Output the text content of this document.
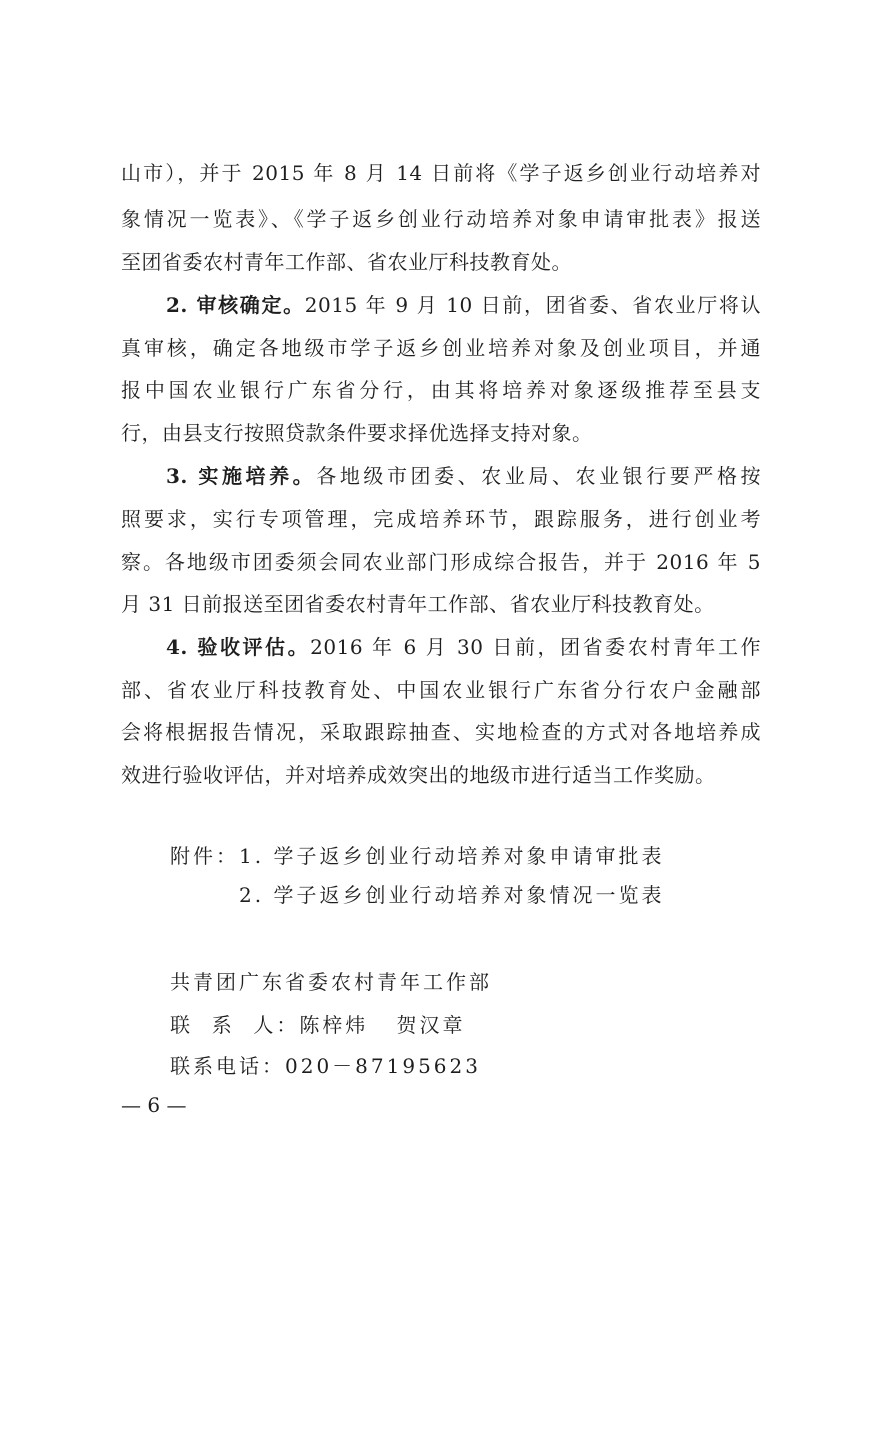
山市），并于 2015 年 8 月 14 日前将《学子返乡创业行动培养对
象情况一览表》、《学子返乡创业行动培养对象申请审批表》报送
至团省委农村青年工作部、省农业厅科技教育处。
2. 审核确定。2015 年 9 月 10 日前，团省委、省农业厅将认
真审核，确定各地级市学子返乡创业培养对象及创业项目，并通
报中国农业银行广东省分行，由其将培养对象逐级推荐至县支
行，由县支行按照贷款条件要求择优选择支持对象。
3. 实施培养。各地级市团委、农业局、农业银行要严格按
照要求，实行专项管理，完成培养环节，跟踪服务，进行创业考
察。各地级市团委须会同农业部门形成综合报告，并于 2016 年 5
月 31 日前报送至团省委农村青年工作部、省农业厅科技教育处。
4. 验收评估。2016 年 6 月 30 日前，团省委农村青年工作
部、省农业厅科技教育处、中国农业银行广东省分行农户金融部
会将根据报告情况，采取跟踪抽查、实地检查的方式对各地培养成
效进行验收评估，并对培养成效突出的地级市进行适当工作奖励。
附件： 1. 学子返乡创业行动培养对象申请审批表
2. 学子返乡创业行动培养对象情况一览表
共青团广东省委农村青年工作部
联  系  人：陈梓炜   贺汉章
联系电话：020－87195623
— 6 —
